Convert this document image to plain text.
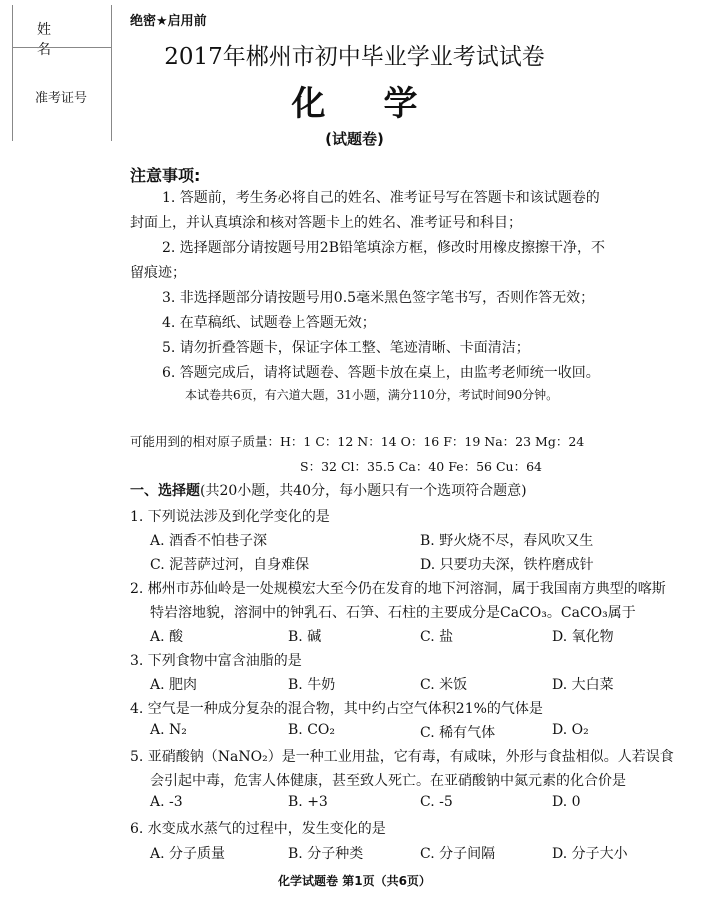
姓 名
准考证号
绝密★启用前
2017年郴州市初中毕业学业考试试卷
化学
(试题卷)
注意事项:
1. 答题前，考生务必将自己的姓名、准考证号写在答题卡和该试题卷的
封面上，并认真填涂和核对答题卡上的姓名、准考证号和科目；
2. 选择题部分请按题号用2B铅笔填涂方框，修改时用橡皮擦擦干净，不
留痕迹；
3. 非选择题部分请按题号用0.5毫米黑色签字笔书写，否则作答无效；
4. 在草稿纸、试题卷上答题无效；
5. 请勿折叠答题卡，保证字体工整、笔迹清晰、卡面清洁；
6. 答题完成后，请将试题卷、答题卡放在桌上，由监考老师统一收回。
本试卷共6页，有六道大题，31小题，满分110分，考试时间90分钟。
可能用到的相对原子质量：H：1 C：12 N：14 O：16 F：19 Na：23 Mg：24
S：32 Cl：35.5 Ca：40 Fe：56 Cu：64
一、选择题(共20小题，共40分，每小题只有一个选项符合题意)
1. 下列说法涉及到化学变化的是
A. 酒香不怕巷子深	B. 野火烧不尽，春风吹又生
C. 泥菩萨过河，自身难保	D. 只要功夫深，铁杵磨成针
2. 郴州市苏仙岭是一处规模宏大至今仍在发育的地下河溶洞，属于我国南方典型的喀斯
特岩溶地貌，溶洞中的钟乳石、石笋、石柱的主要成分是CaCO₃。CaCO₃属于
A. 酸	B. 碱	C. 盐	D. 氧化物
3. 下列食物中富含油脂的是
A. 肥肉	B. 牛奶	C. 米饭	D. 大白菜
4. 空气是一种成分复杂的混合物，其中约占空气体积21%的气体是
A. N₂	B. CO₂	C. 稀有气体	D. O₂
5. 亚硝酸钠（NaNO₂）是一种工业用盐，它有毒，有咸味，外形与食盐相似。人若误食
会引起中毒，危害人体健康，甚至致人死亡。在亚硝酸钠中氮元素的化合价是
A. -3	B. +3	C. -5	D. 0
6. 水变成水蒸气的过程中，发生变化的是
A. 分子质量	B. 分子种类	C. 分子间隔	D. 分子大小
化学试题卷 第1页（共6页）
